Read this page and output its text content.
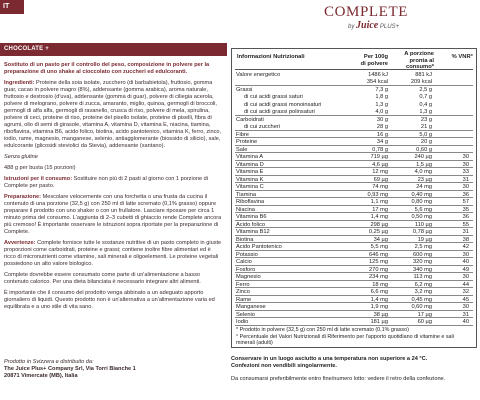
IT	COMPLETE
by Juice PLUS+
CHOCOLATE +

Sostituto di un pasto per il controllo del peso, composizione in polvere per la preparazione di uno shake al cioccolato con zuccheri ed edulcoranti.

Ingredienti: Proteine della soia isolate, zucchero (di barbabietola), fruttosio, gomma guar, cacao in polvere magro (8%), addensante (gomma arabica), aroma naturale, fruttosio e destrosio (d'uva), addensante (gomma di guar), polvere di ciliegia acerola, polvere di melograno, polvere di zucca, amaranto, miglio, quinoa, germogli di broccoli, germogli di alfa alfa, germogli di ravanello, crusca di riso, polvere di mela, spirulina, polvere di ceci, proteine di riso, proteine del pisello isolate, proteine di piselli, fibra di agrumi, olio di semi di girasole, vitamina A, vitamina D, vitamina E, niacina, tiamina, riboflavina, vitamina B6, acido folico, biotina, acido pantotenico, vitamina K, ferro, zinco, iodio, rame, magnesio, manganese, selenio, antiagglomerante (biossido di silicio), sale, edulcorante (glicosidi steviolici da Stevia), addensante (xantano).

Senza glutine

488 g per busta (15 porzioni)

Istruzioni per il consumo: Sostituire non più di 2 pasti al giorno con 1 porzione di Complete per pasto.

Preparazione: Mescolare velocemente con una forchetta o una frusta da cucina il contenuto di una porzione (32,5 g) con 250 ml di latte scremato (0,1% grasso) oppure preparare il prodotto con uno shaker o con un frullatore. Lasciare riposare per circa 1 minuto prima del consumo. L'aggiunta di 2–3 cubetti di ghiaccio rende Complete ancora più cremoso! È importante osservare le istruzioni sopra riportate per la preparazione di Complete.

Avvertenze: Complete fornisce tutte le sostanze nutritive di un pasto completo in giuste proporzioni come carboidrati, proteine e grassi; contiene inoltre fibre alimentari ed è ricco di micronutrienti come vitamine, sali minerali e oligoelementi. Le proteine vegetali possiedono un alto valore biologico.

Complete dovrebbe essere consumato come parte di un'alimentazione a basso contenuto calorico. Per una dieta bilanciata è necessario integrare altri alimenti.

È importante che il consumo del prodotto venga abbinato a un adeguato apporto giornaliero di liquidi. Questo prodotto non è un'alternativa a un'alimentazione varia ed equilibrata e a uno stile di vita sano.

Prodotto in Svizzera e distribuito da:
The Juice Plus+ Company Srl, Via Torri Bianche 1
20871 Vimercate (MB), Italia
Informazioni Nutrizionali	Per 100g
di polvere
A porzione
pronta al
consumo*
% VNR°
Valore energetico	1486 kJ	881 kJ
354 kcal	209 kcal
Grassi	7,3 g	2,5 g
di cui acidi grassi saturi	1,8 g	0,7 g
di cui acidi grassi monoinsaturi	1,3 g	0,4 g
di cui acidi grassi polinsaturi	4,0 g	1,3 g
Carboidrati	30 g	23 g
di cui zuccheri	28 g	21 g
Fibre	16 g	5,0 g
Proteine	34 g	20 g
Sale	0,78 g	0,60 g
Vitamina A	719 µg	240 µg	30
Vitamina D	4,6 µg	1,5 µg	30
Vitamina E	12 mg	4,0 mg	33
Vitamina K	69 µg	23 µg	31
Vitamina C	74 mg	24 mg	30
Tiamina	0,93 mg	0,40 mg	36
Riboflavina	1,1 mg	0,80 mg	57
Niacina	17 mg	5,6 mg	35
Vitamina B6	1,4 mg	0,50 mg	36
Acido folico	298 µg	110 µg	55
Vitamina B12	0,25 µg	0,78 µg	31
Biotina	34 µg	19 µg	38
Acido Pantotenico	5,5 mg	2,5 mg	42
Potassio	646 mg	600 mg	30
Calcio	125 mg	320 mg	40
Fosforo	270 mg	340 mg	49
Magnesio	234 mg	113 mg	30
Ferro	18 mg	6,2 mg	44
Zinco	6,6 mg	3,2 mg	32
Rame	1,4 mg	0,45 mg	45
Manganese	1,9 mg	0,60 mg	30
Selenio	38 µg	17 µg	31
Iodio	181 µg	60 µg	40
* Prodotto in polvere (32,5 g) con 250 ml di latte scremato (0,1% grasso)
° Percentuale dei Valori Nutrizionali di Riferimento per l'apporto quotidiano di vitamine e sali minerali (adulti)
Conservare in un luogo asciutto a una temperatura non superiore a 24 °C.
Confezioni non vendibili singolarmente.
Da consumarsi preferibilmente entro fine/numero lotto: vedere il retro della confezione.
